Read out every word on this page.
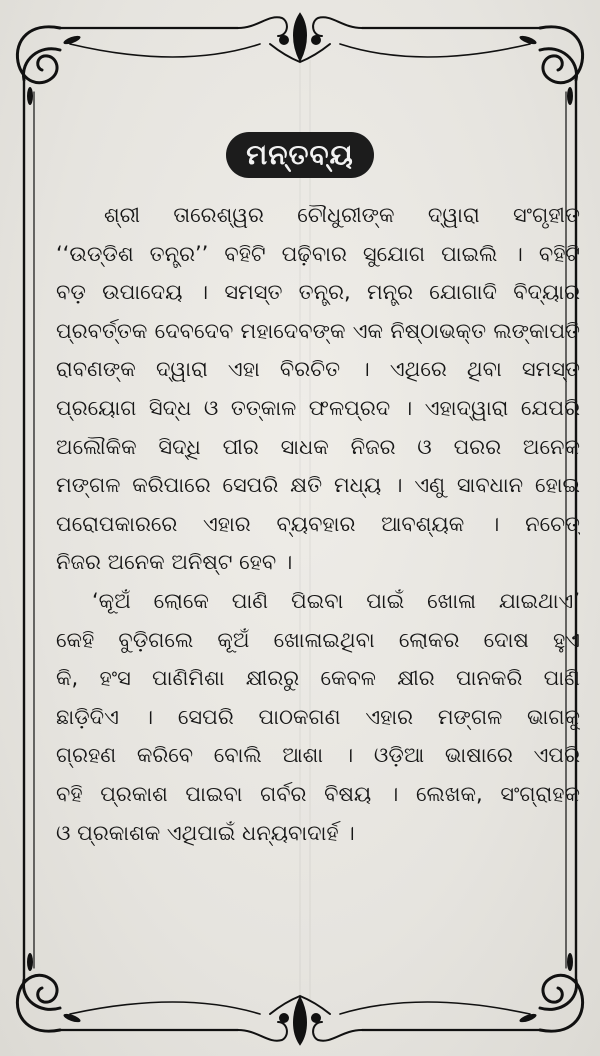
ମନ୍ତବ୍ୟ
ଶ୍ରୀ ତାରେଶ୍ୱର ଚୌଧୁରୀଙ୍କ ଦ୍ୱାରା ସଂଗୃହୀତ
‘‘ଉଡ୍ଡିଶ ତନ୍ତ୍ର’’ ବହିଟି ପଢ଼ିବାର ସୁଯୋଗ ପାଇଲି । ବହିଟି
ବଡ଼ ଉପାଦେୟ । ସମସ୍ତ ତନ୍ତ୍ର, ମନ୍ତ୍ର ଯୋଗାଦି ବିଦ୍ୟାର
ପ୍ରବର୍ତ୍ତକ ଦେବଦେବ ମହାଦେବଙ୍କ ଏକ ନିଷ୍ଠାଭକ୍ତ ଲଙ୍କାପତି
ରାବଣଙ୍କ ଦ୍ୱାରା ଏହା ବିରଚିତ । ଏଥିରେ ଥିବା ସମସ୍ତ
ପ୍ରୟୋଗ ସିଦ୍ଧ ଓ ତତ୍କାଳ ଫଳପ୍ରଦ । ଏହାଦ୍ୱାରା ଯେପରି
ଅଲୌକିକ ସିଦ୍ଧି ପୀର ସାଧକ ନିଜର ଓ ପରର ଅନେକ
ମଙ୍ଗଳ କରିପାରେ ସେପରି କ୍ଷତି ମଧ୍ୟ । ଏଣୁ ସାବଧାନ ହୋଇ
ପରୋପକାରରେ ଏହାର ବ୍ୟବହାର ଆବଶ୍ୟକ । ନଚେତ୍
ନିଜର ଅନେକ ଅନିଷ୍ଟ ହେବ ।
‘କୂଅଁ ଲୋକେ ପାଣି ପିଇବା ପାଇଁ ଖୋଳା ଯାଇଥାଏ’
କେହି ବୁଡ଼ିଗଲେ କୂଅଁ ଖୋଳାଇଥିବା ଲୋକର ଦୋଷ ହୁଏ
କି, ହଂସ ପାଣିମିଶା କ୍ଷୀରରୁ କେବଳ କ୍ଷୀର ପାନକରି ପାଣି
ଛାଡ଼ିଦିଏ । ସେପରି ପାଠକଗଣ ଏହାର ମଙ୍ଗଳ ଭାଗକୁ
ଗ୍ରହଣ କରିବେ ବୋଲି ଆଶା । ଓଡ଼ିଆ ଭାଷାରେ ଏପରି
ବହି ପ୍ରକାଶ ପାଇବା ଗର୍ବର ବିଷୟ । ଲେଖକ, ସଂଗ୍ରାହକ
ଓ ପ୍ରକାଶକ ଏଥିପାଇଁ ଧନ୍ୟବାଦାର୍ହ ।
